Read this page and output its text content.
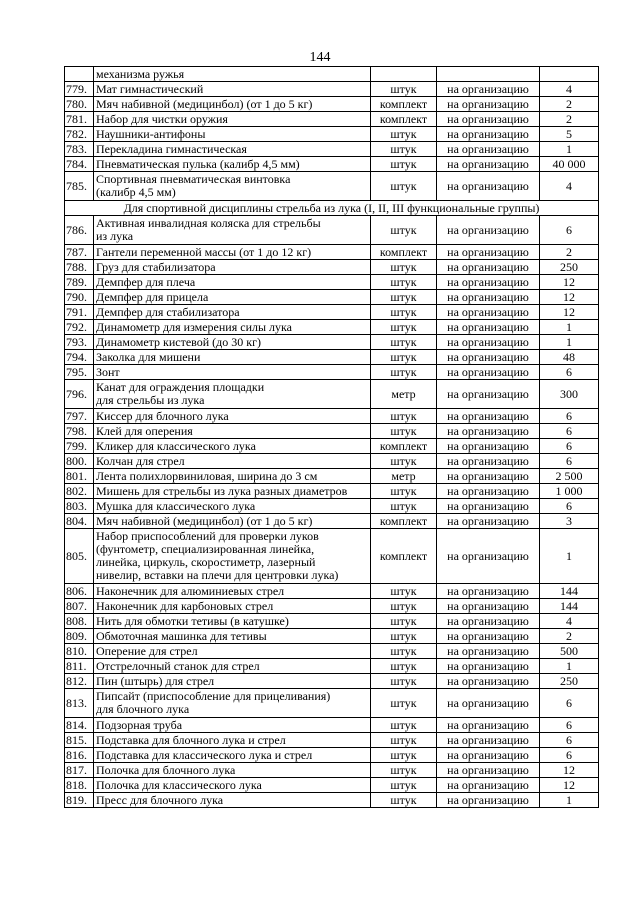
144
	механизма ружья			
779.	Мат гимнастический	штук	на организацию	4
780.	Мяч набивной (медицинбол) (от 1 до 5 кг)	комплект	на организацию	2
781.	Набор для чистки оружия	комплект	на организацию	2
782.	Наушники-антифоны	штук	на организацию	5
783.	Перекладина гимнастическая	штук	на организацию	1
784.	Пневматическая пулька (калибр 4,5 мм)	штук	на организацию	40 000
785.	Спортивная пневматическая винтовка
(калибр 4,5 мм)	штук	на организацию	4
Для спортивной дисциплины стрельба из лука (I, II, III функциональные группы)				
786.	Активная инвалидная коляска для стрельбы
из лука	штук	на организацию	6
787.	Гантели переменной массы (от 1 до 12 кг)	комплект	на организацию	2
788.	Груз для стабилизатора	штук	на организацию	250
789.	Демпфер для плеча	штук	на организацию	12
790.	Демпфер для прицела	штук	на организацию	12
791.	Демпфер для стабилизатора	штук	на организацию	12
792.	Динамометр для измерения силы лука	штук	на организацию	1
793.	Динамометр кистевой (до 30 кг)	штук	на организацию	1
794.	Заколка для мишени	штук	на организацию	48
795.	Зонт	штук	на организацию	6
796.	Канат для ограждения площадки
для стрельбы из лука	метр	на организацию	300
797.	Киссер для блочного лука	штук	на организацию	6
798.	Клей для оперения	штук	на организацию	6
799.	Кликер для классического лука	комплект	на организацию	6
800.	Колчан для стрел	штук	на организацию	6
801.	Лента полихлорвиниловая, ширина до 3 см	метр	на организацию	2 500
802.	Мишень для стрельбы из лука разных диаметров	штук	на организацию	1 000
803.	Мушка для классического лука	штук	на организацию	6
804.	Мяч набивной (медицинбол) (от 1 до 5 кг)	комплект	на организацию	3
805.	Набор приспособлений для проверки луков
(фунтометр, специализированная линейка,
линейка, циркуль, скоростиметр, лазерный
нивелир, вставки на плечи для центровки лука)	комплект	на организацию	1
806.	Наконечник для алюминиевых стрел	штук	на организацию	144
807.	Наконечник для карбоновых стрел	штук	на организацию	144
808.	Нить для обмотки тетивы (в катушке)	штук	на организацию	4
809.	Обмоточная машинка для тетивы	штук	на организацию	2
810.	Оперение для стрел	штук	на организацию	500
811.	Отстрелочный станок для стрел	штук	на организацию	1
812.	Пин (штырь) для стрел	штук	на организацию	250
813.	Пипсайт (приспособление для прицеливания)
для блочного лука	штук	на организацию	6
814.	Подзорная труба	штук	на организацию	6
815.	Подставка для блочного лука и стрел	штук	на организацию	6
816.	Подставка для классического лука и стрел	штук	на организацию	6
817.	Полочка для блочного лука	штук	на организацию	12
818.	Полочка для классического лука	штук	на организацию	12
819.	Пресс для блочного лука	штук	на организацию	1
